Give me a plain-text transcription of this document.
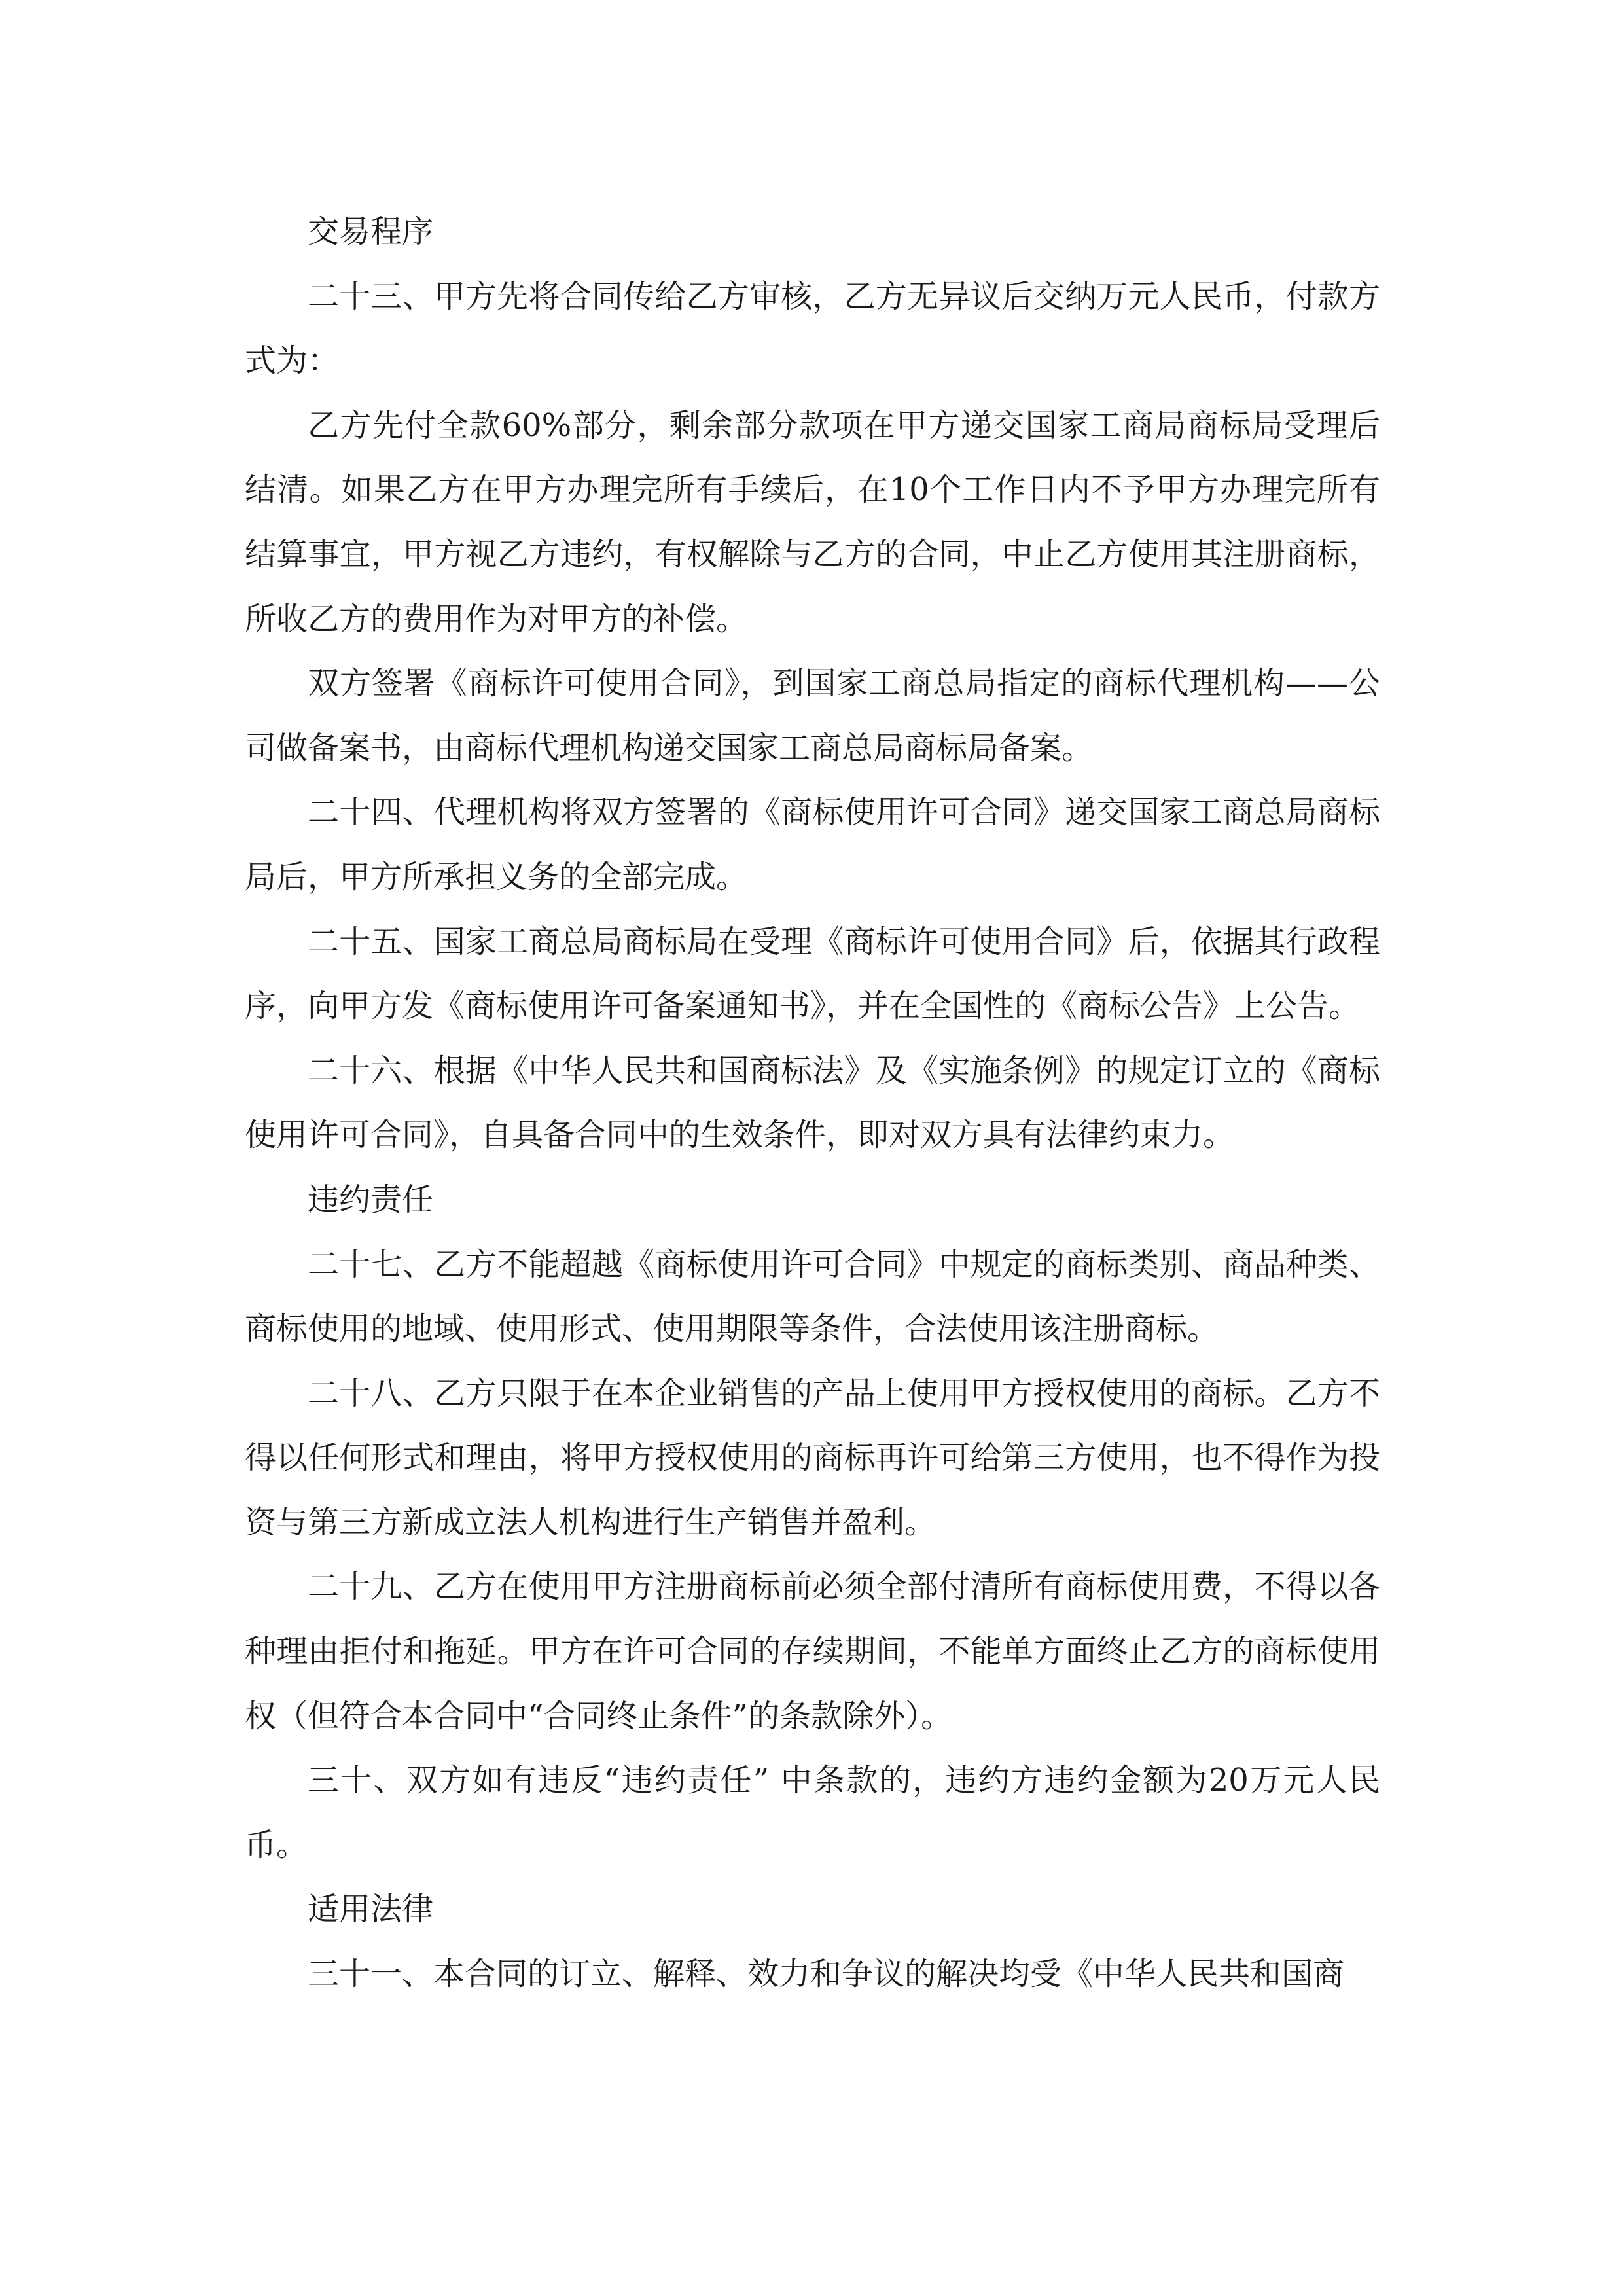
交易程序

二十三、甲方先将合同传给乙方审核，乙方无异议后交纳万元人民币，付款方式为：

乙方先付全款60%部分，剩余部分款项在甲方递交国家工商局商标局受理后结清。如果乙方在甲方办理完所有手续后，在10个工作日内不予甲方办理完所有结算事宜，甲方视乙方违约，有权解除与乙方的合同，中止乙方使用其注册商标，所收乙方的费用作为对甲方的补偿。

双方签署《商标许可使用合同》，到国家工商总局指定的商标代理机构——公司做备案书，由商标代理机构递交国家工商总局商标局备案。

二十四、代理机构将双方签署的《商标使用许可合同》递交国家工商总局商标局后，甲方所承担义务的全部完成。

二十五、国家工商总局商标局在受理《商标许可使用合同》后，依据其行政程序，向甲方发《商标使用许可备案通知书》，并在全国性的《商标公告》上公告。

二十六、根据《中华人民共和国商标法》及《实施条例》的规定订立的《商标使用许可合同》，自具备合同中的生效条件，即对双方具有法律约束力。

违约责任

二十七、乙方不能超越《商标使用许可合同》中规定的商标类别、商品种类、商标使用的地域、使用形式、使用期限等条件，合法使用该注册商标。

二十八、乙方只限于在本企业销售的产品上使用甲方授权使用的商标。乙方不得以任何形式和理由，将甲方授权使用的商标再许可给第三方使用，也不得作为投资与第三方新成立法人机构进行生产销售并盈利。

二十九、乙方在使用甲方注册商标前必须全部付清所有商标使用费，不得以各种理由拒付和拖延。甲方在许可合同的存续期间，不能单方面终止乙方的商标使用权（但符合本合同中“合同终止条件”的条款除外）。

三十、双方如有违反“违约责任” 中条款的，违约方违约金额为20万元人民币。

适用法律

三十一、本合同的订立、解释、效力和争议的解决均受《中华人民共和国商
